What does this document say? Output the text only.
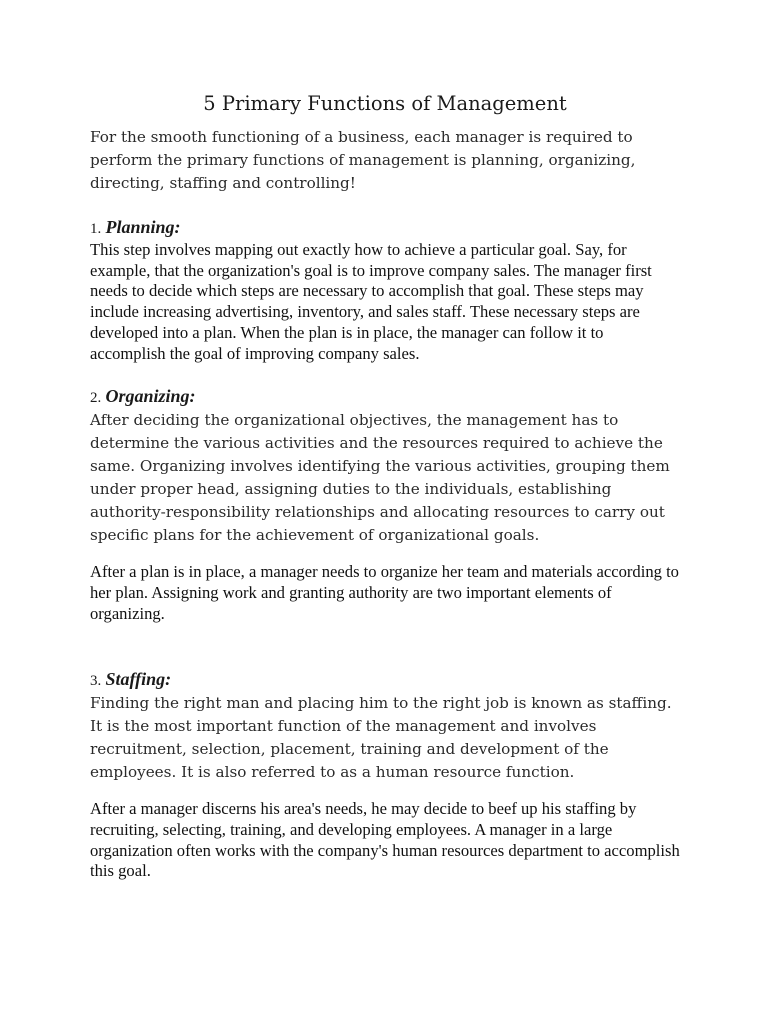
5 Primary Functions of Management

For the smooth functioning of a business, each manager is required to perform the primary functions of management is planning, organizing, directing, staffing and controlling!

1. Planning:

This step involves mapping out exactly how to achieve a particular goal. Say, for example, that the organization's goal is to improve company sales. The manager first needs to decide which steps are necessary to accomplish that goal. These steps may include increasing advertising, inventory, and sales staff. These necessary steps are developed into a plan. When the plan is in place, the manager can follow it to accomplish the goal of improving company sales.

2. Organizing:

After deciding the organizational objectives, the management has to determine the various activities and the resources required to achieve the same. Organizing involves identifying the various activities, grouping them under proper head, assigning duties to the individuals, establishing authority-responsibility relationships and allocating resources to carry out specific plans for the achievement of organizational goals.

After a plan is in place, a manager needs to organize her team and materials according to her plan. Assigning work and granting authority are two important elements of organizing.

3. Staffing:

Finding the right man and placing him to the right job is known as staffing. It is the most important function of the management and involves recruitment, selection, placement, training and development of the employees. It is also referred to as a human resource function.

After a manager discerns his area's needs, he may decide to beef up his staffing by recruiting, selecting, training, and developing employees. A manager in a large organization often works with the company's human resources department to accomplish this goal.
